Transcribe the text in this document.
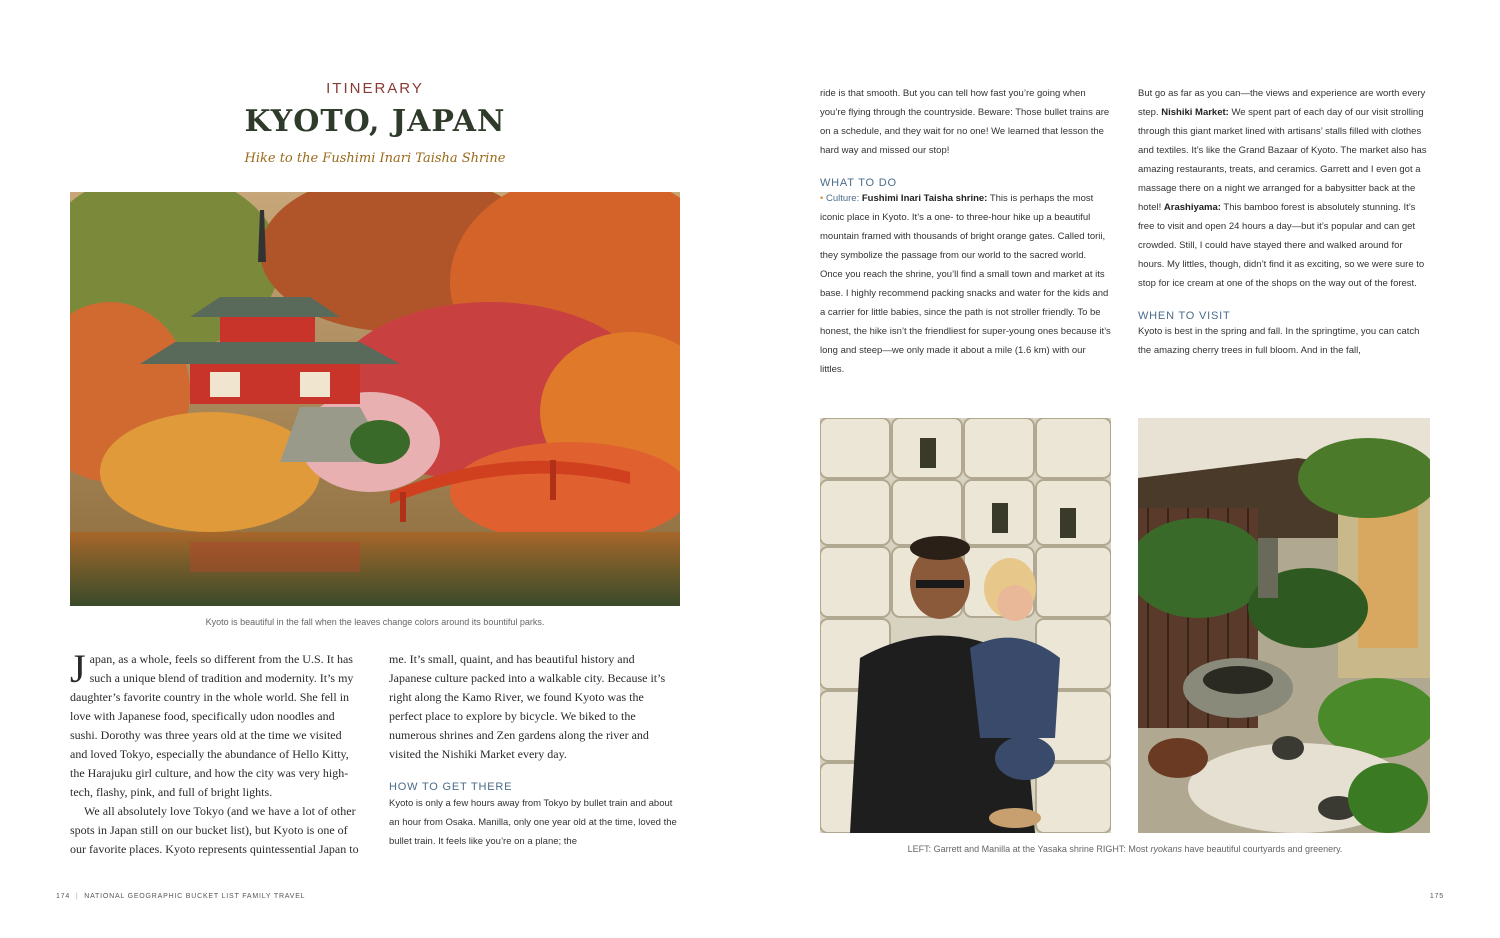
ITINERARY
KYOTO, JAPAN
Hike to the Fushimi Inari Taisha Shrine
Kyoto is beautiful in the fall when the leaves change colors around its bountiful parks.

Japan, as a whole, feels so different from the U.S. It has such a unique blend of tradition and modernity. It’s my daughter’s favorite country in the whole world. She fell in love with Japanese food, specifically udon noodles and sushi. Dorothy was three years old at the time we visited and loved Tokyo, especially the abundance of Hello Kitty, the Harajuku girl culture, and how the city was very high-tech, flashy, pink, and full of bright lights.

We all absolutely love Tokyo (and we have a lot of other spots in Japan still on our bucket list), but Kyoto is one of our favorite places. Kyoto represents quintessential Japan to

me. It’s small, quaint, and has beautiful history and Japanese culture packed into a walkable city. Because it’s right along the Kamo River, we found Kyoto was the perfect place to explore by bicycle. We biked to the numerous shrines and Zen gardens along the river and visited the Nishiki Market every day.

HOW TO GET THERE

Kyoto is only a few hours away from Tokyo by bullet train and about an hour from Osaka. Manilla, only one year old at the time, loved the bullet train. It feels like you’re on a plane; the

ride is that smooth. But you can tell how fast you’re going when you’re flying through the countryside. Beware: Those bullet trains are on a schedule, and they wait for no one! We learned that lesson the hard way and missed our stop!

WHAT TO DO

• Culture: Fushimi Inari Taisha shrine: This is perhaps the most iconic place in Kyoto. It’s a one- to three-hour hike up a beautiful mountain framed with thousands of bright orange gates. Called torii, they symbolize the passage from our world to the sacred world. Once you reach the shrine, you’ll find a small town and market at its base. I highly recommend packing snacks and water for the kids and a carrier for little babies, since the path is not stroller friendly. To be honest, the hike isn’t the friendliest for super-young ones because it’s long and steep—we only made it about a mile (1.6 km) with our littles.

But go as far as you can—the views and experience are worth every step. Nishiki Market: We spent part of each day of our visit strolling through this giant market lined with artisans’ stalls filled with clothes and textiles. It’s like the Grand Bazaar of Kyoto. The market also has amazing restaurants, treats, and ceramics. Garrett and I even got a massage there on a night we arranged for a babysitter back at the hotel! Arashiyama: This bamboo forest is absolutely stunning. It’s free to visit and open 24 hours a day—but it’s popular and can get crowded. Still, I could have stayed there and walked around for hours. My littles, though, didn’t find it as exciting, so we were sure to stop for ice cream at one of the shops on the way out of the forest.

WHEN TO VISIT

Kyoto is best in the spring and fall. In the springtime, you can catch the amazing cherry trees in full bloom. And in the fall,

LEFT: Garrett and Manilla at the Yasaka shrine RIGHT: Most ryokans have beautiful courtyards and greenery.
174 | NATIONAL GEOGRAPHIC BUCKET LIST FAMILY TRAVEL	175
